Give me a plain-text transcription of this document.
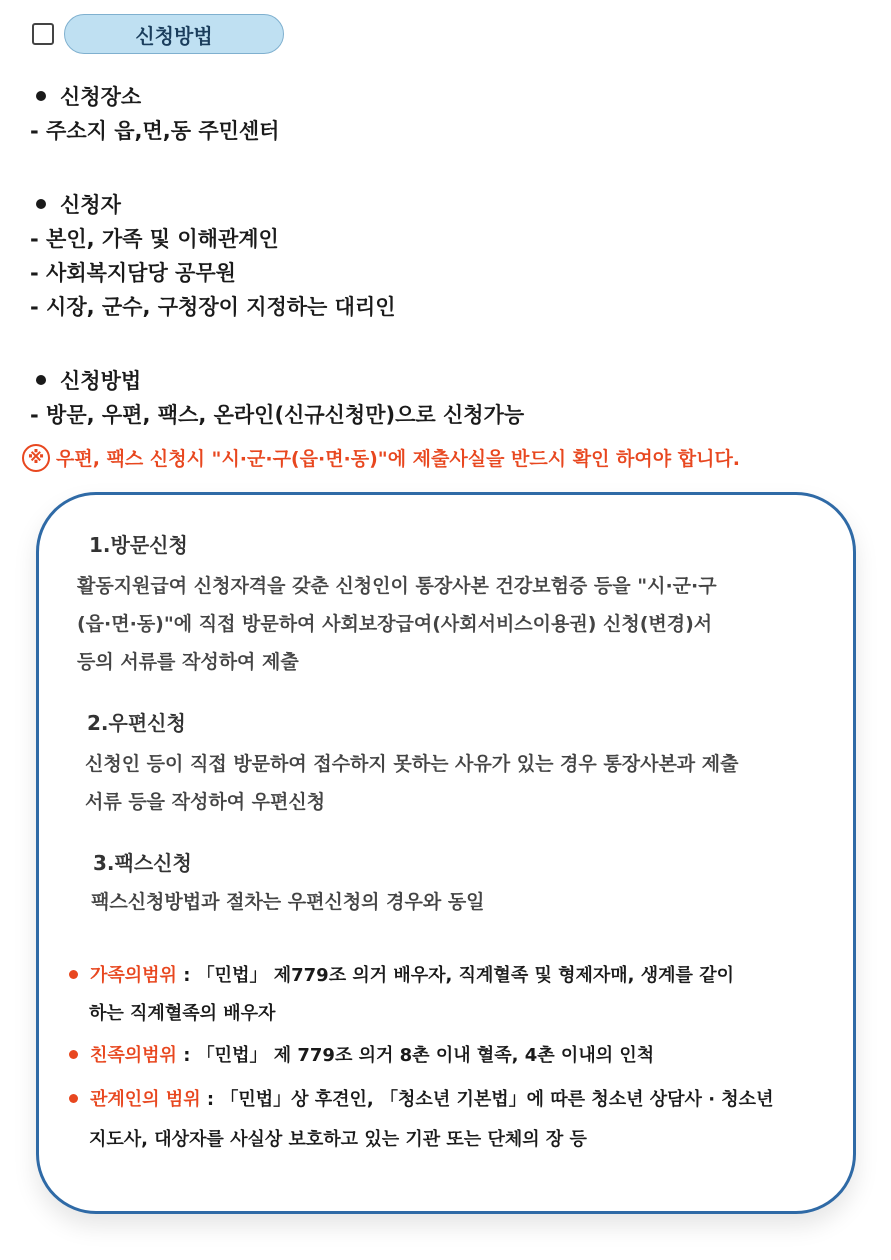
신청방법
신청장소
- 주소지 읍,면,동 주민센터
신청자
- 본인, 가족 및 이해관계인
- 사회복지담당 공무원
- 시장, 군수, 구청장이 지정하는 대리인
신청방법
- 방문, 우편, 팩스, 온라인(신규신청만)으로 신청가능
※ 우편, 팩스 신청시 "시·군·구(읍·면·동)"에 제출사실을 반드시 확인 하여야 합니다.
1.방문신청
활동지원급여 신청자격을 갖춘 신청인이 통장사본 건강보험증 등을 "시·군·구
(읍·면·동)"에 직접 방문하여 사회보장급여(사회서비스이용권) 신청(변경)서
등의 서류를 작성하여 제출
2.우편신청
신청인 등이 직접 방문하여 접수하지 못하는 사유가 있는 경우 통장사본과 제출
서류 등을 작성하여 우편신청
3.팩스신청
팩스신청방법과 절차는 우편신청의 경우와 동일
가족의범위 : 「민법」 제779조 의거 배우자, 직계혈족 및 형제자매, 생계를 같이
하는 직계혈족의 배우자
친족의범위 : 「민법」 제 779조 의거 8촌 이내 혈족, 4촌 이내의 인척
관계인의 범위 : 「민법」상 후견인, 「청소년 기본법」에 따른 청소년 상담사 · 청소년
지도사, 대상자를 사실상 보호하고 있는 기관 또는 단체의 장 등
